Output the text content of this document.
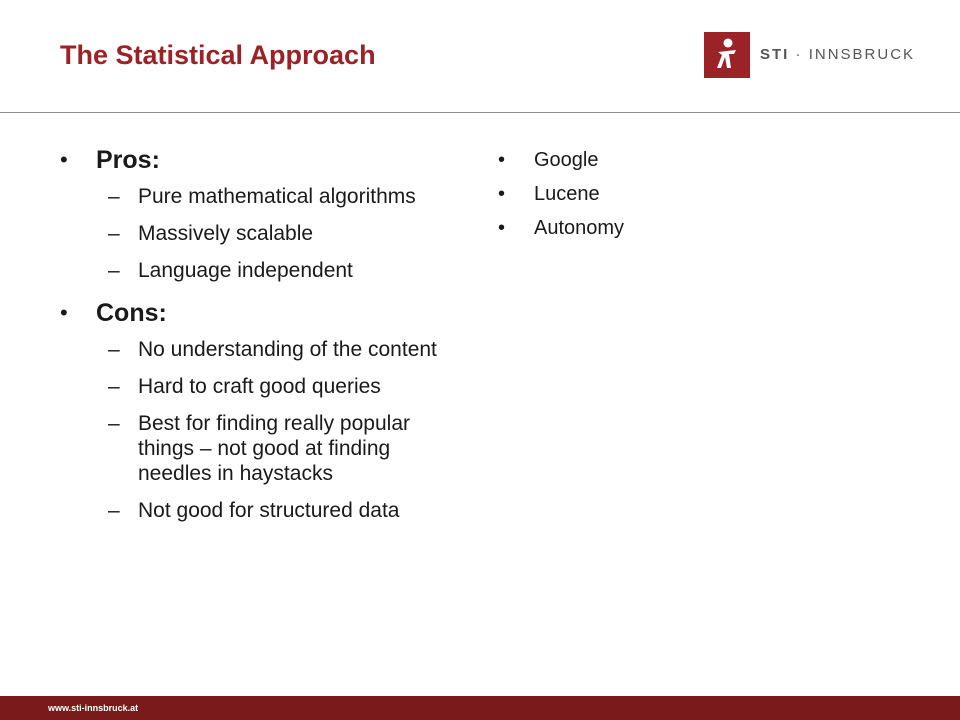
The Statistical Approach	STI · INNSBRUCK
• Pros:
– Pure mathematical algorithms
– Massively scalable
– Language independent
• Cons:
– No understanding of the content
– Hard to craft good queries
– Best for finding really popular things – not good at finding needles in haystacks
– Not good for structured data
• Google
• Lucene
• Autonomy
www.sti-innsbruck.at
